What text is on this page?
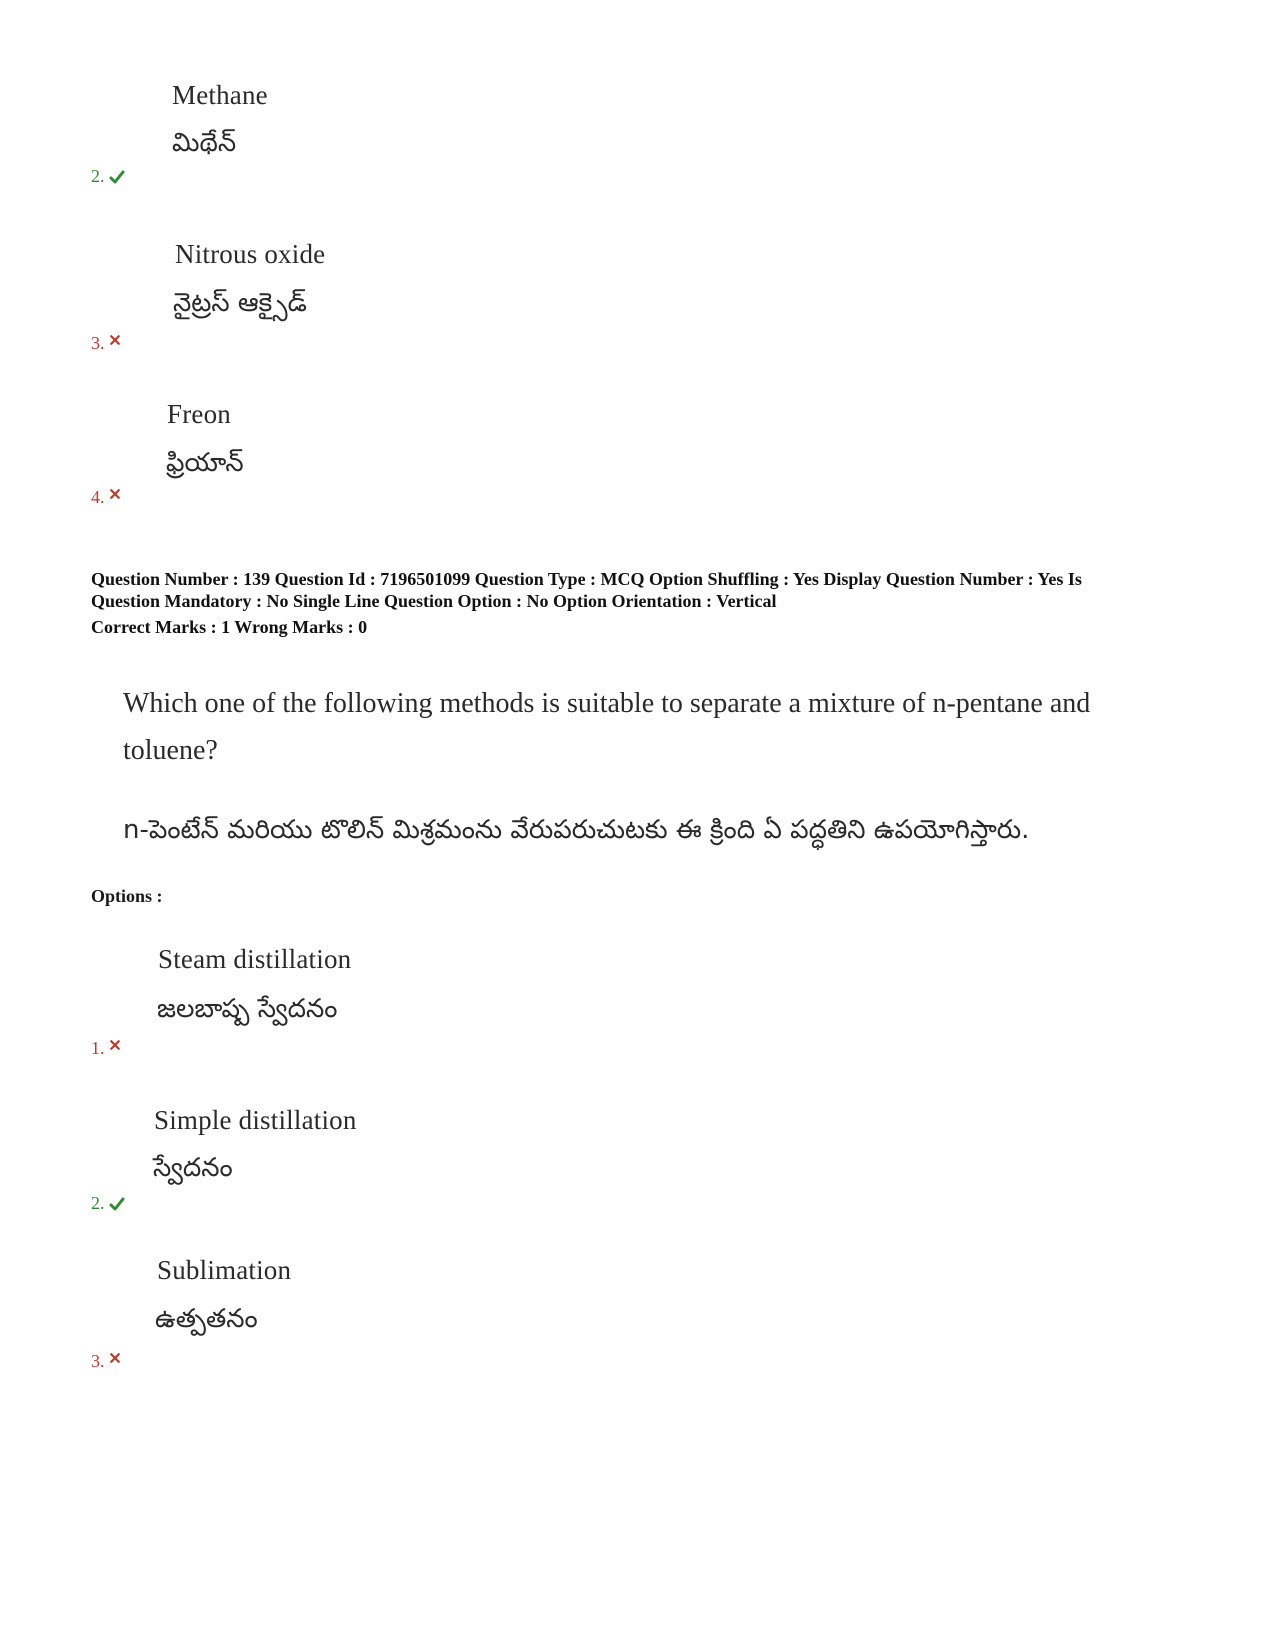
Methane
మిథేన్
2.
Nitrous oxide
నైట్రస్ ఆక్సైడ్
3.
Freon
ఫ్రియాన్
4.
Question Number : 139 Question Id : 7196501099 Question Type : MCQ Option Shuffling : Yes Display Question Number : Yes Is
Question Mandatory : No Single Line Question Option : No Option Orientation : Vertical
Correct Marks : 1 Wrong Marks : 0
Which one of the following methods is suitable to separate a mixture of n-pentane and
toluene?
n-పెంటేన్ మరియు టొలిన్ మిశ్రమంను వేరుపరుచుటకు ఈ క్రింది ఏ పద్ధతిని ఉపయోగిస్తారు.
Options :
Steam distillation
జలబాష్ప స్వేదనం
1.
Simple distillation
స్వేదనం
2.
Sublimation
ఉత్పతనం
3.
